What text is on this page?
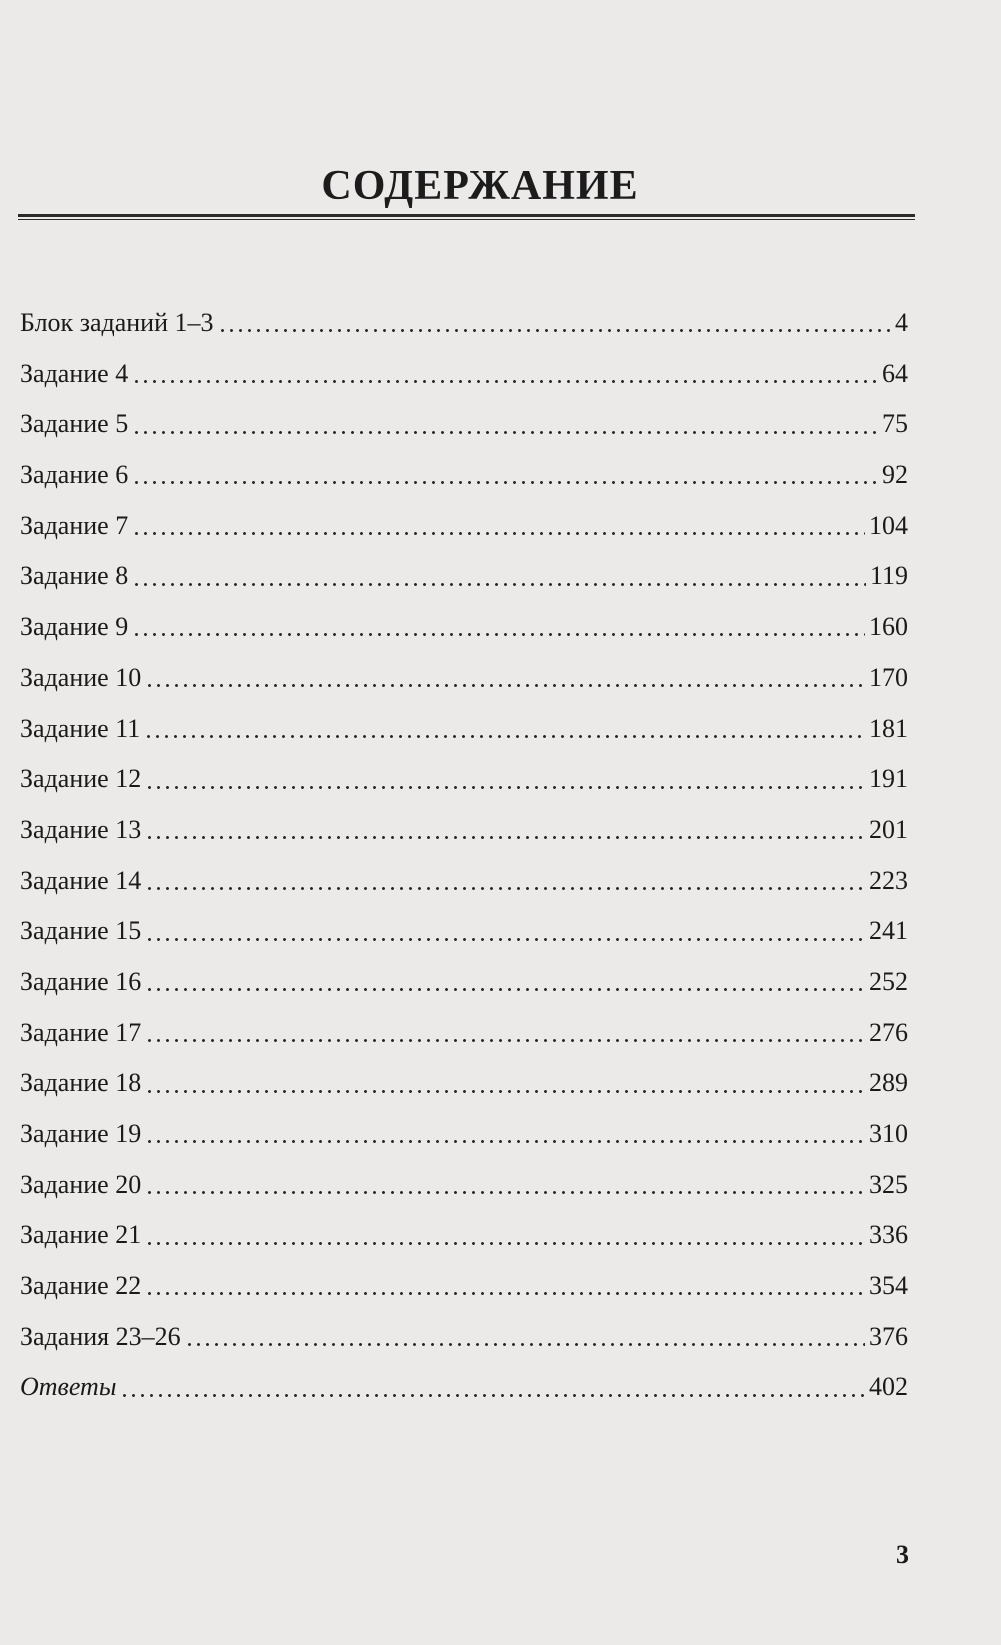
СОДЕРЖАНИЕ
Блок заданий 1–3	4
Задание 4	64
Задание 5	75
Задание 6	92
Задание 7	104
Задание 8	119
Задание 9	160
Задание 10	170
Задание 11	181
Задание 12	191
Задание 13	201
Задание 14	223
Задание 15	241
Задание 16	252
Задание 17	276
Задание 18	289
Задание 19	310
Задание 20	325
Задание 21	336
Задание 22	354
Задания 23–26	376
Ответы	402
3
